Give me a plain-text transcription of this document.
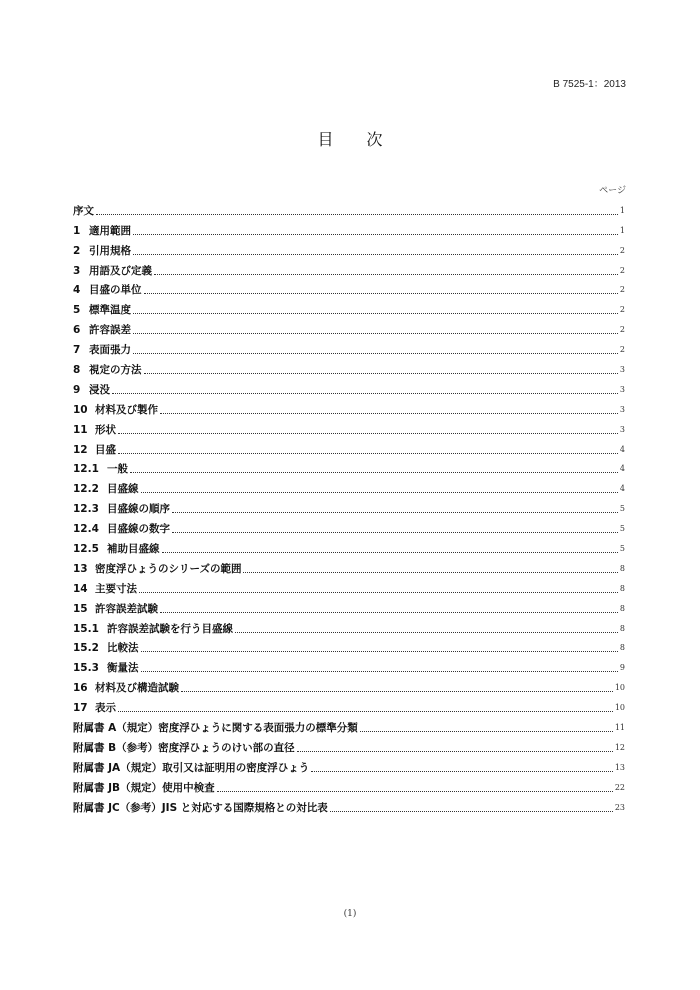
B 7525-1：2013
目 次
ページ
序文	1
1 適用範囲	1
2 引用規格	2
3 用語及び定義	2
4 目盛の単位	2
5 標準温度	2
6 許容誤差	2
7 表面張力	2
8 視定の方法	3
9 浸没	3
10 材料及び製作	3
11 形状	3
12 目盛	4
12.1 一般	4
12.2 目盛線	4
12.3 目盛線の順序	5
12.4 目盛線の数字	5
12.5 補助目盛線	5
13 密度浮ひょうのシリーズの範囲	8
14 主要寸法	8
15 許容誤差試験	8
15.1 許容誤差試験を行う目盛線	8
15.2 比較法	8
15.3 衡量法	9
16 材料及び構造試験	10
17 表示	10
附属書 A（規定）密度浮ひょうに関する表面張力の標準分類	11
附属書 B（参考）密度浮ひょうのけい部の直径	12
附属書 JA（規定）取引又は証明用の密度浮ひょう	13
附属書 JB（規定）使用中検査	22
附属書 JC（参考）JIS と対応する国際規格との対比表	23
(1)
